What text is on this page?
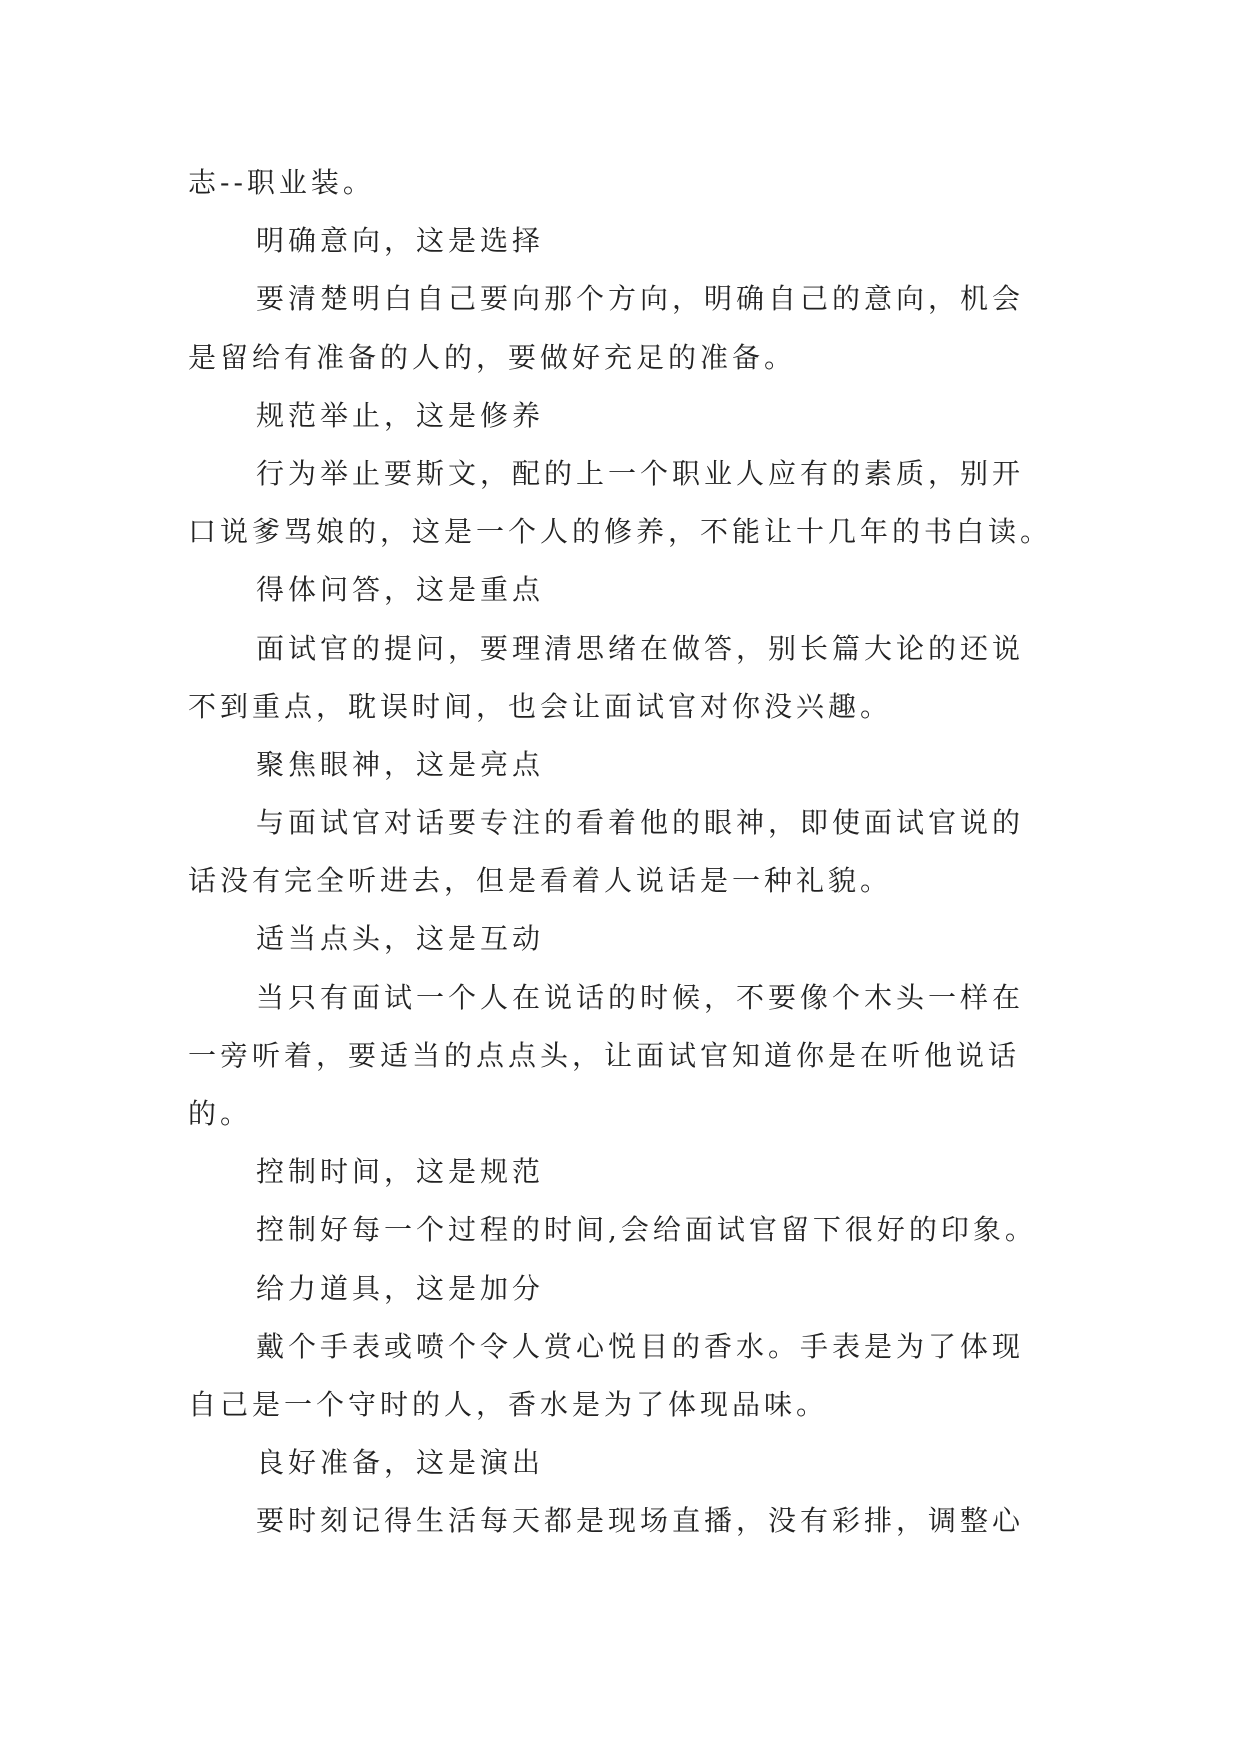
志--职业装。
明确意向，这是选择
要清楚明白自己要向那个方向，明确自己的意向，机会
是留给有准备的人的，要做好充足的准备。
规范举止，这是修养
行为举止要斯文，配的上一个职业人应有的素质，别开
口说爹骂娘的，这是一个人的修养，不能让十几年的书白读。
得体问答，这是重点
面试官的提问，要理清思绪在做答，别长篇大论的还说
不到重点，耽误时间，也会让面试官对你没兴趣。
聚焦眼神，这是亮点
与面试官对话要专注的看着他的眼神，即使面试官说的
话没有完全听进去，但是看着人说话是一种礼貌。
适当点头，这是互动
当只有面试一个人在说话的时候，不要像个木头一样在
一旁听着，要适当的点点头，让面试官知道你是在听他说话
的。
控制时间，这是规范
控制好每一个过程的时间,会给面试官留下很好的印象。
给力道具，这是加分
戴个手表或喷个令人赏心悦目的香水。手表是为了体现
自己是一个守时的人，香水是为了体现品味。
良好准备，这是演出
要时刻记得生活每天都是现场直播，没有彩排，调整心
